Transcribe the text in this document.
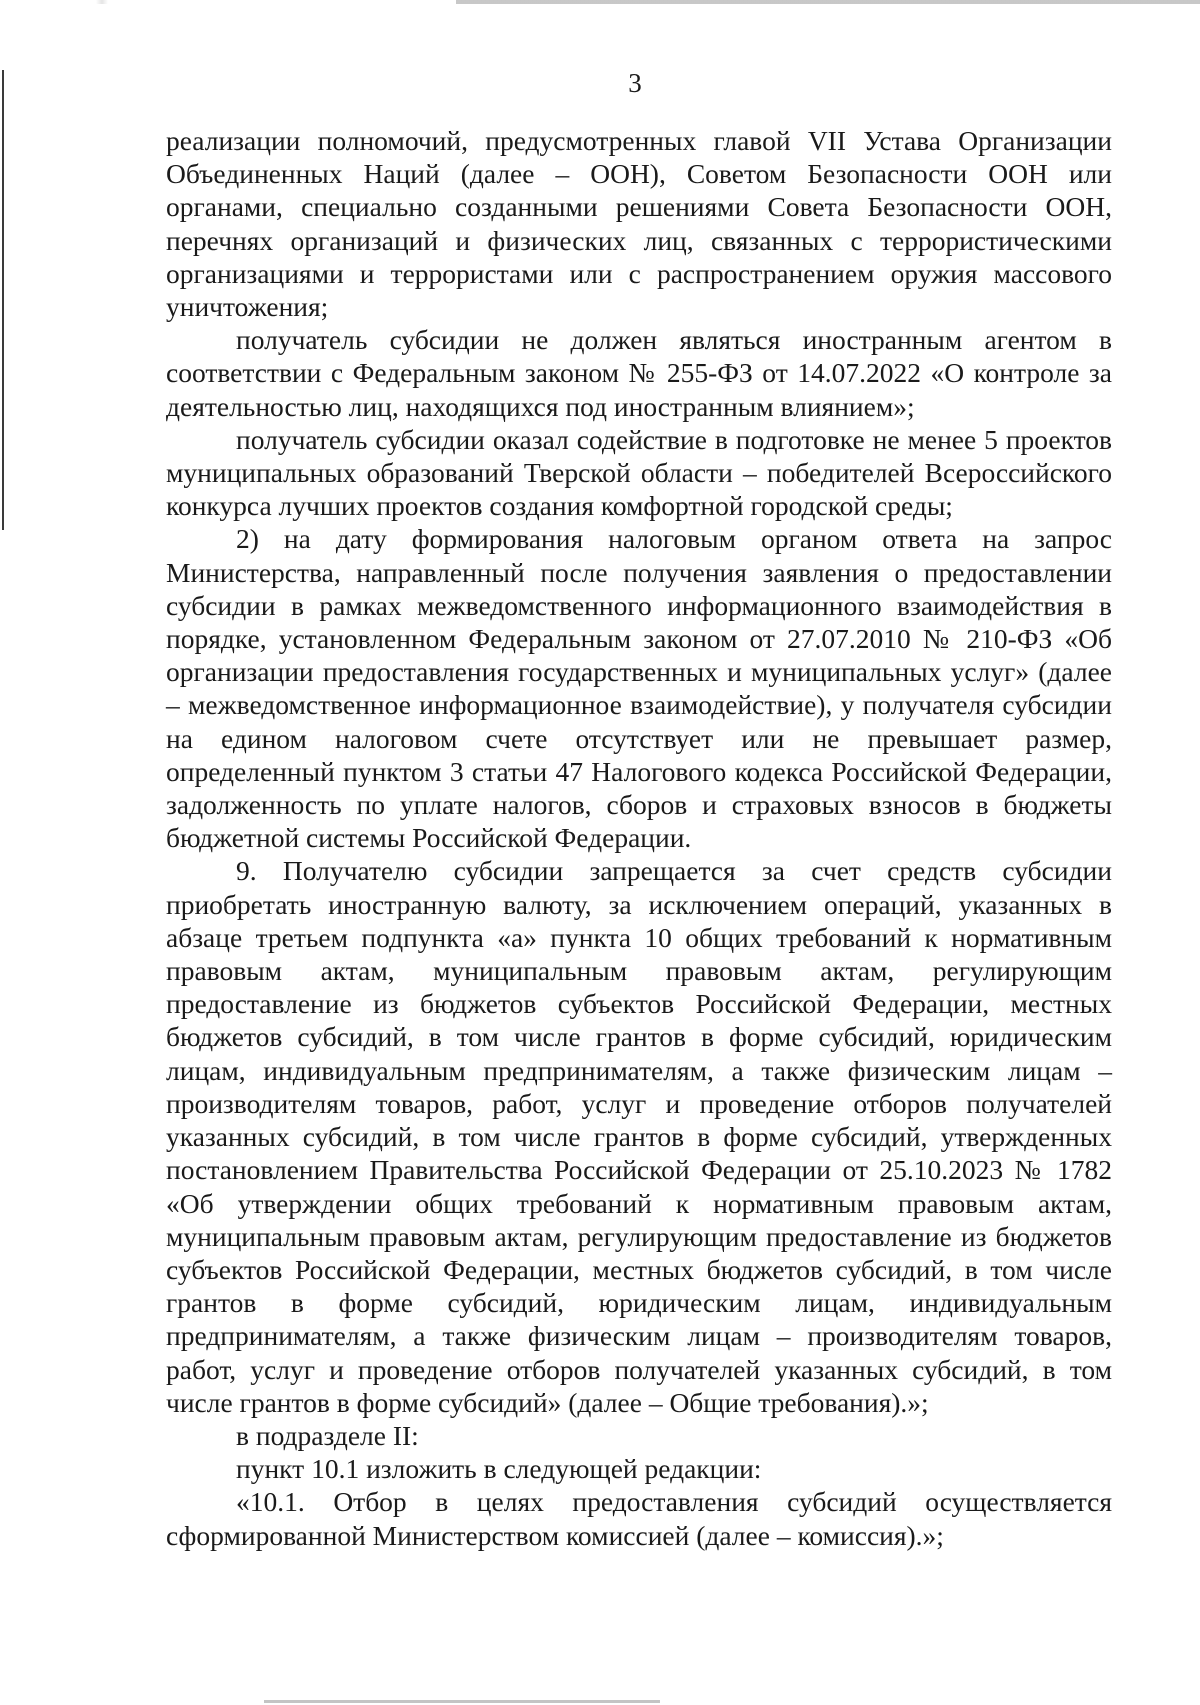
3

реализации полномочий, предусмотренных главой VII Устава Организации Объединенных Наций (далее – ООН), Советом Безопасности ООН или органами, специально созданными решениями Совета Безопасности ООН, перечнях организаций и физических лиц, связанных с террористическими организациями и террористами или с распространением оружия массового уничтожения;

получатель субсидии не должен являться иностранным агентом в соответствии с Федеральным законом № 255-ФЗ от 14.07.2022 «О контроле за деятельностью лиц, находящихся под иностранным влиянием»;

получатель субсидии оказал содействие в подготовке не менее 5 проектов муниципальных образований Тверской области – победителей Всероссийского конкурса лучших проектов создания комфортной городской среды;

2) на дату формирования налоговым органом ответа на запрос Министерства, направленный после получения заявления о предоставлении субсидии в рамках межведомственного информационного взаимодействия в порядке, установленном Федеральным законом от 27.07.2010 № 210-ФЗ «Об организации предоставления государственных и муниципальных услуг» (далее – межведомственное информационное взаимодействие), у получателя субсидии на едином налоговом счете отсутствует или не превышает размер, определенный пунктом 3 статьи 47 Налогового кодекса Российской Федерации, задолженность по уплате налогов, сборов и страховых взносов в бюджеты бюджетной системы Российской Федерации.

9. Получателю субсидии запрещается за счет средств субсидии приобретать иностранную валюту, за исключением операций, указанных в абзаце третьем подпункта «а» пункта 10 общих требований к нормативным правовым актам, муниципальным правовым актам, регулирующим предоставление из бюджетов субъектов Российской Федерации, местных бюджетов субсидий, в том числе грантов в форме субсидий, юридическим лицам, индивидуальным предпринимателям, а также физическим лицам – производителям товаров, работ, услуг и проведение отборов получателей указанных субсидий, в том числе грантов в форме субсидий, утвержденных постановлением Правительства Российской Федерации от 25.10.2023 № 1782 «Об утверждении общих требований к нормативным правовым актам, муниципальным правовым актам, регулирующим предоставление из бюджетов субъектов Российской Федерации, местных бюджетов субсидий, в том числе грантов в форме субсидий, юридическим лицам, индивидуальным предпринимателям, а также физическим лицам – производителям товаров, работ, услуг и проведение отборов получателей указанных субсидий, в том числе грантов в форме субсидий» (далее – Общие требования).»;

в подразделе II:

пункт 10.1 изложить в следующей редакции:

«10.1. Отбор в целях предоставления субсидий осуществляется сформированной Министерством комиссией (далее – комиссия).»;
